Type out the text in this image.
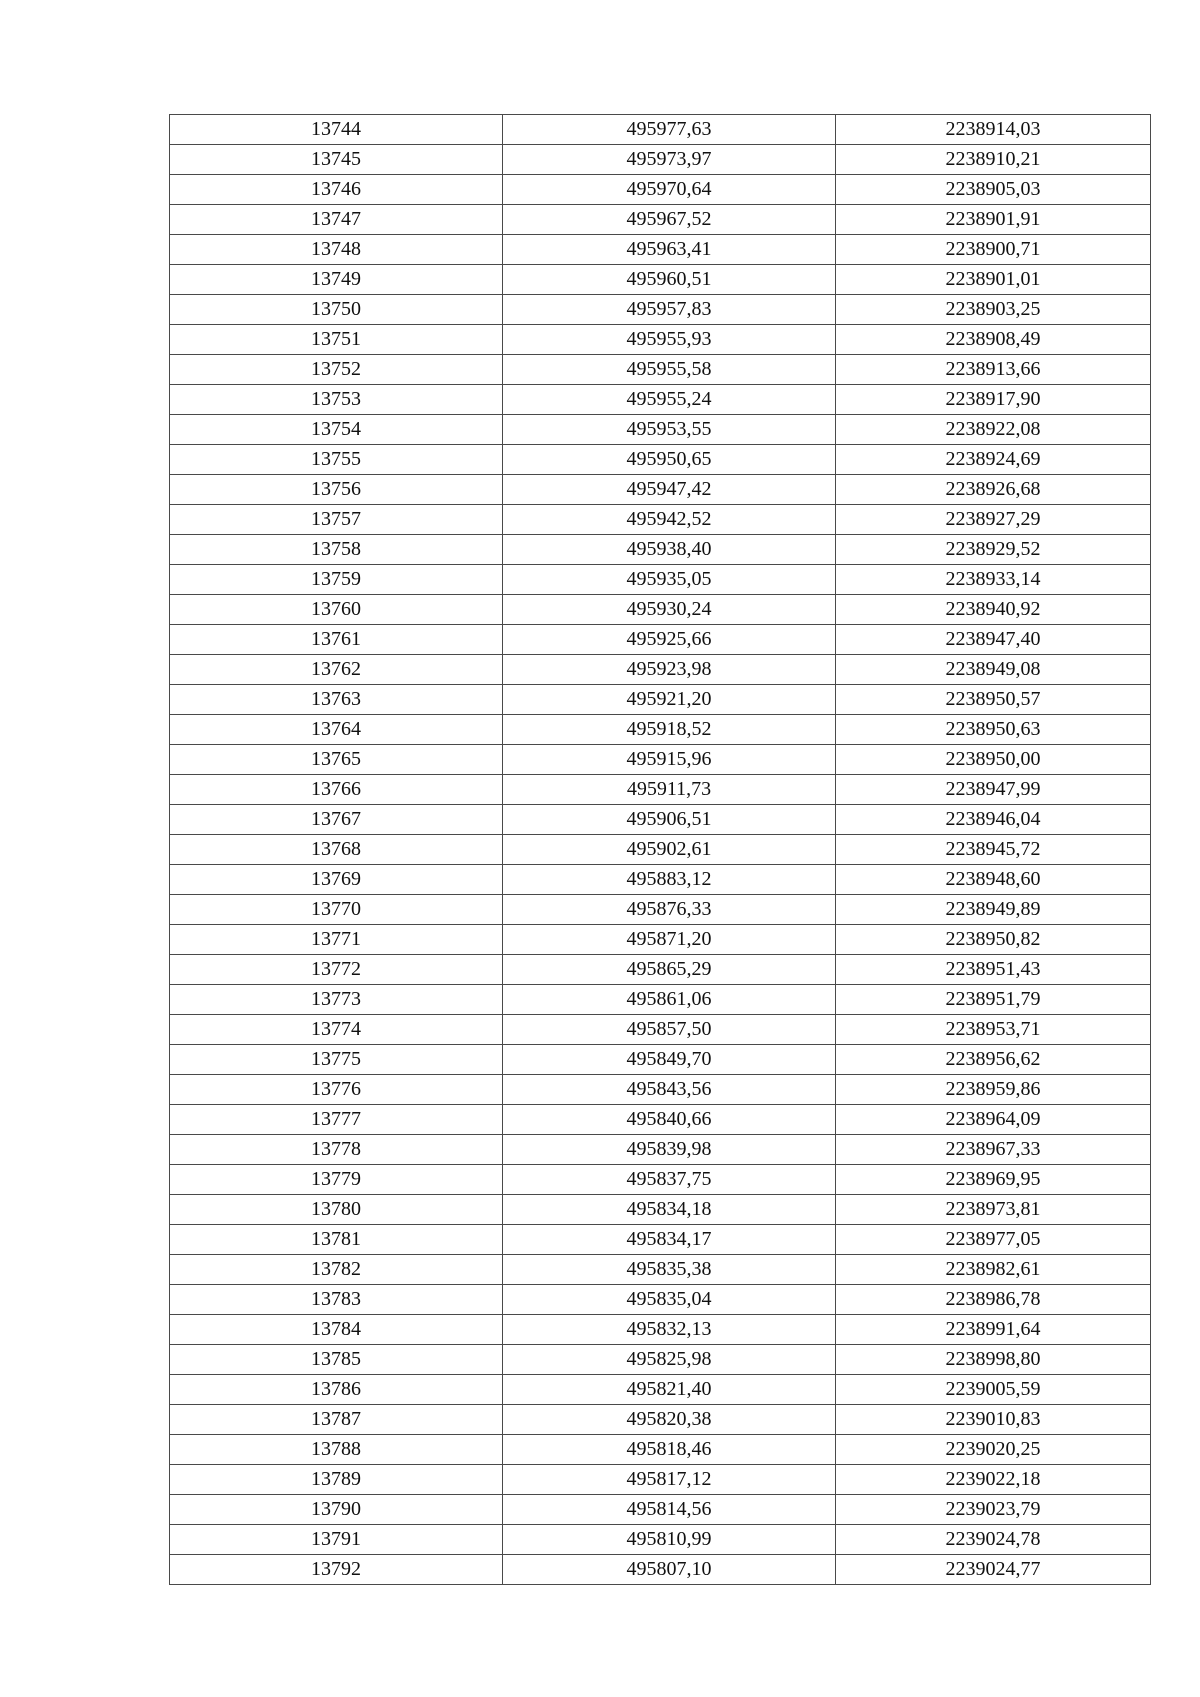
13744	495977,63	2238914,03
13745	495973,97	2238910,21
13746	495970,64	2238905,03
13747	495967,52	2238901,91
13748	495963,41	2238900,71
13749	495960,51	2238901,01
13750	495957,83	2238903,25
13751	495955,93	2238908,49
13752	495955,58	2238913,66
13753	495955,24	2238917,90
13754	495953,55	2238922,08
13755	495950,65	2238924,69
13756	495947,42	2238926,68
13757	495942,52	2238927,29
13758	495938,40	2238929,52
13759	495935,05	2238933,14
13760	495930,24	2238940,92
13761	495925,66	2238947,40
13762	495923,98	2238949,08
13763	495921,20	2238950,57
13764	495918,52	2238950,63
13765	495915,96	2238950,00
13766	495911,73	2238947,99
13767	495906,51	2238946,04
13768	495902,61	2238945,72
13769	495883,12	2238948,60
13770	495876,33	2238949,89
13771	495871,20	2238950,82
13772	495865,29	2238951,43
13773	495861,06	2238951,79
13774	495857,50	2238953,71
13775	495849,70	2238956,62
13776	495843,56	2238959,86
13777	495840,66	2238964,09
13778	495839,98	2238967,33
13779	495837,75	2238969,95
13780	495834,18	2238973,81
13781	495834,17	2238977,05
13782	495835,38	2238982,61
13783	495835,04	2238986,78
13784	495832,13	2238991,64
13785	495825,98	2238998,80
13786	495821,40	2239005,59
13787	495820,38	2239010,83
13788	495818,46	2239020,25
13789	495817,12	2239022,18
13790	495814,56	2239023,79
13791	495810,99	2239024,78
13792	495807,10	2239024,77
